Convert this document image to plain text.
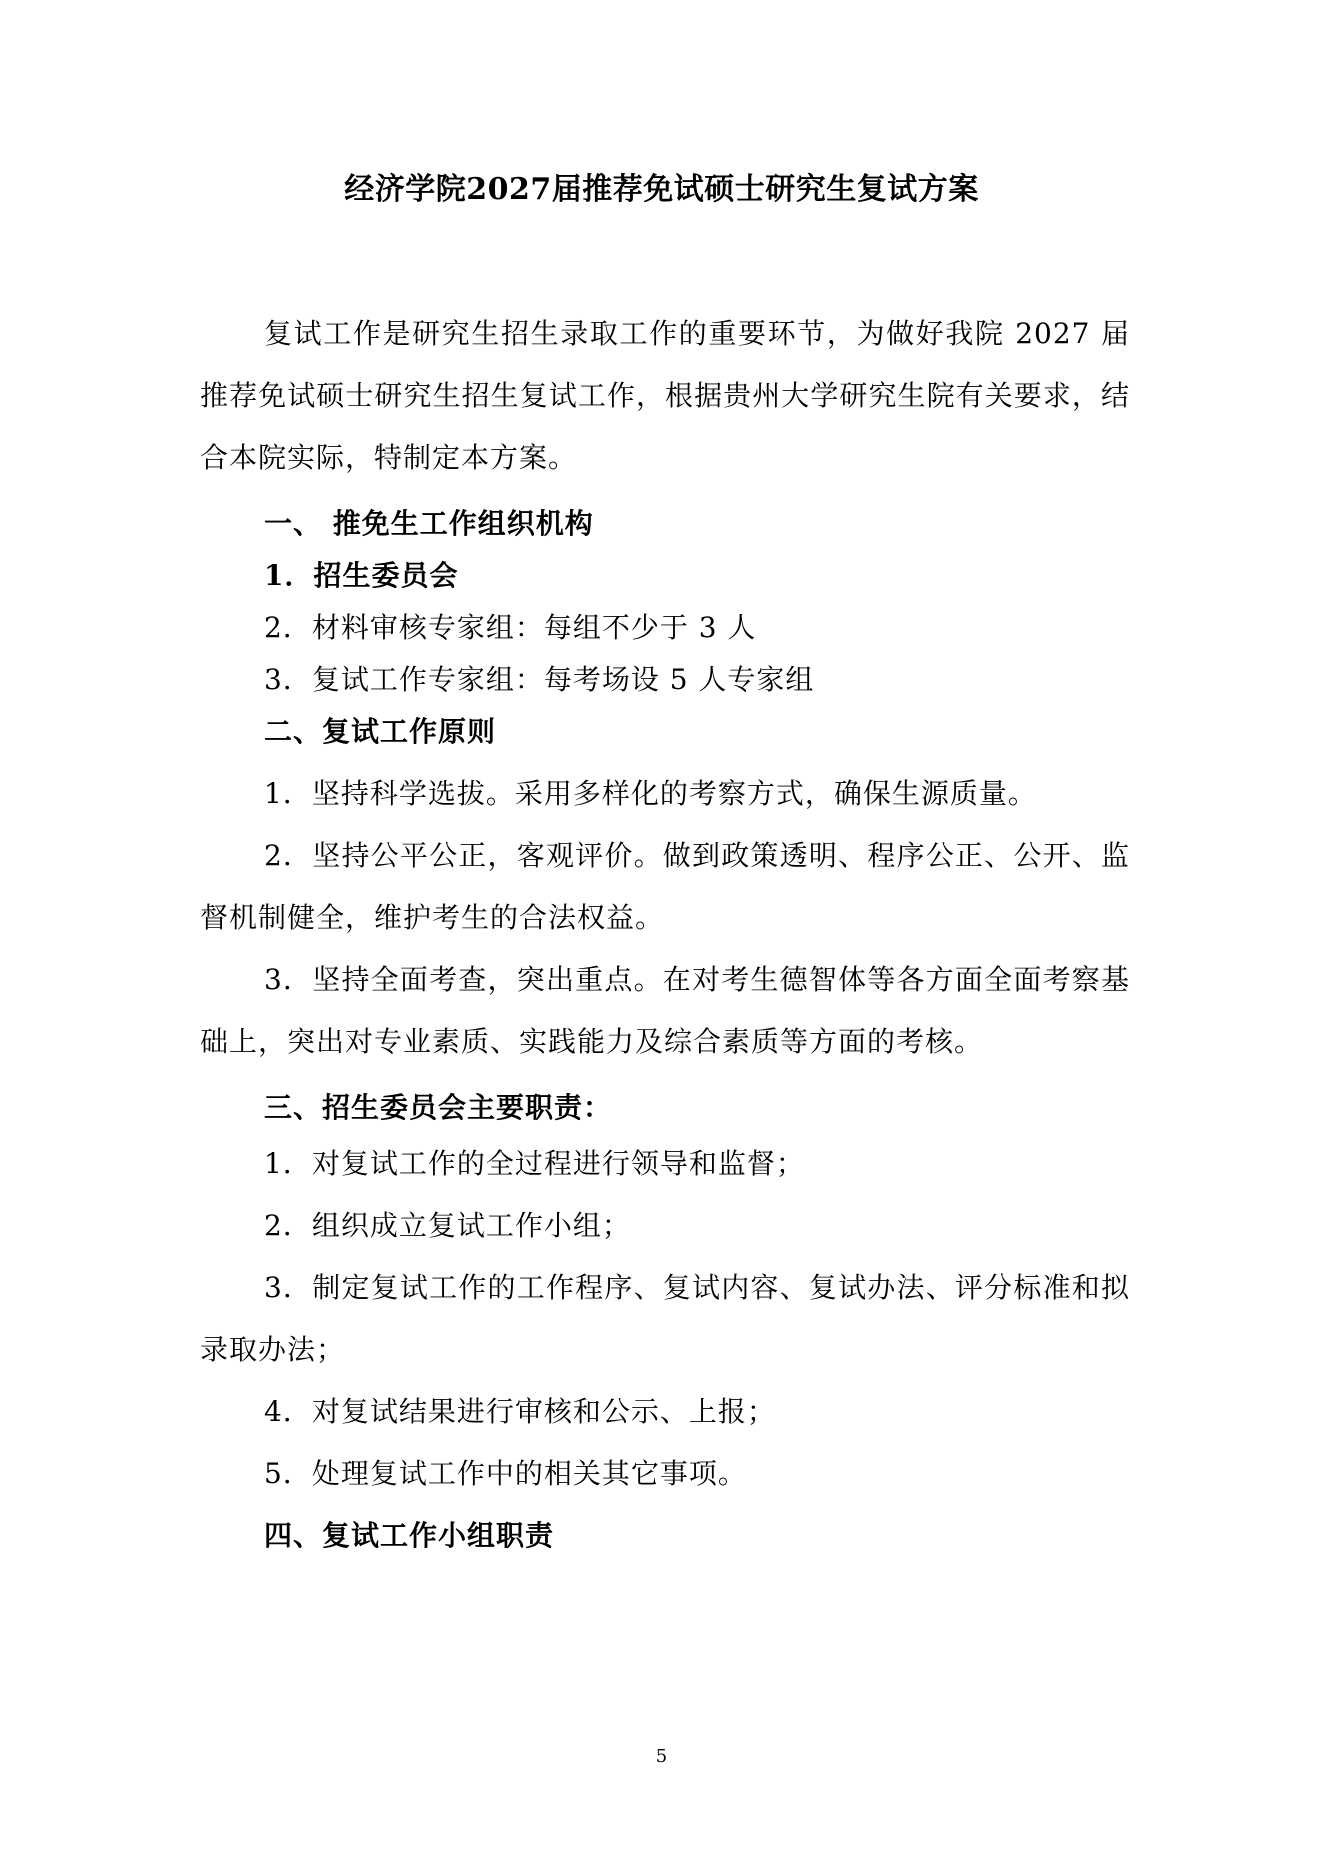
经济学院2027届推荐免试硕士研究生复试方案

复试工作是研究生招生录取工作的重要环节，为做好我院 2027 届推荐免试硕士研究生招生复试工作，根据贵州大学研究生院有关要求，结合本院实际，特制定本方案。

一、 推免生工作组织机构

1．招生委员会

2．材料审核专家组：每组不少于 3 人

3．复试工作专家组：每考场设 5 人专家组

二、复试工作原则

1．坚持科学选拔。采用多样化的考察方式，确保生源质量。

2．坚持公平公正，客观评价。做到政策透明、程序公正、公开、监督机制健全，维护考生的合法权益。

3．坚持全面考查，突出重点。在对考生德智体等各方面全面考察基础上，突出对专业素质、实践能力及综合素质等方面的考核。

三、招生委员会主要职责：

1．对复试工作的全过程进行领导和监督；

2．组织成立复试工作小组；

3．制定复试工作的工作程序、复试内容、复试办法、评分标准和拟录取办法；

4．对复试结果进行审核和公示、上报；

5．处理复试工作中的相关其它事项。

四、复试工作小组职责

5
